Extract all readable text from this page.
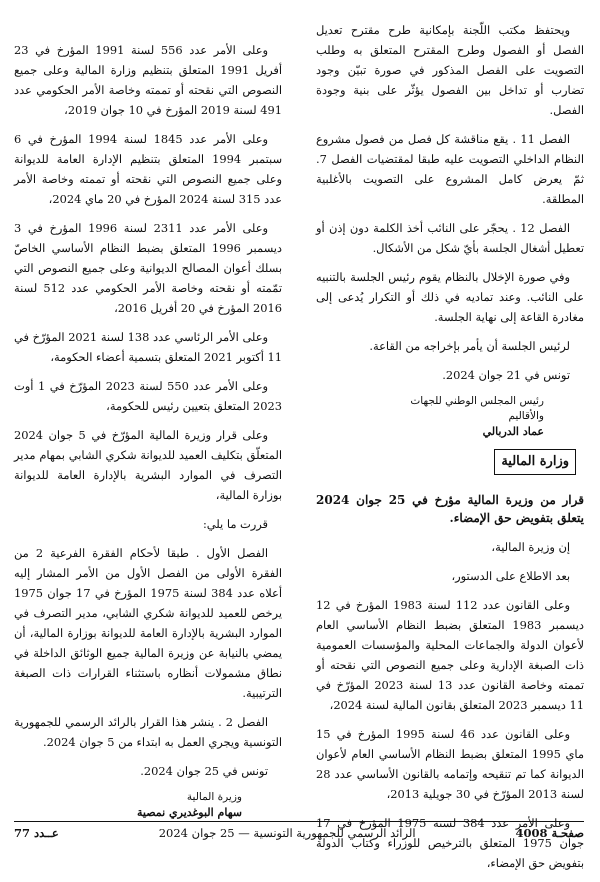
ويحتفظ مكتب اللّجنة بإمكانية طرح مقترح تعديل الفصل أو الفصول وطرح المقترح المتعلق به وطلب التصويت على الفصل المذكور في صورة تبيّن وجود تضارب أو تداخل بين الفصول يؤثّر على بنية وجودة الفصل.

الفصل 11 . يقع مناقشة كل فصل من فصول مشروع النظام الداخلي التصويت عليه طبقا لمقتضيات الفصل 7. ثمّ يعرض كامل المشروع على التصويت بالأغلبية المطلقة.

الفصل 12 . يحجّر على النائب أخذ الكلمة دون إذن أو تعطيل أشغال الجلسة بأيّ شكل من الأشكال.

وفي صورة الإخلال بالنظام يقوم رئيس الجلسة بالتنبيه على النائب. وعند تماديه في ذلك أو التكرار يُدعى إلى مغادرة القاعة إلى نهاية الجلسة.

لرئيس الجلسة أن يأمر بإخراجه من القاعة.

تونس في 21 جوان 2024.

رئيس المجلس الوطني للجهات
والأقاليم
عماد الدربالي
وزارة المالية
قرار من وزيرة المالية مؤرخ في 25 جوان 2024 يتعلق بتفويض حق الإمضاء.

إن وزيرة المالية،

بعد الاطلاع على الدستور،

وعلى القانون عدد 112 لسنة 1983 المؤرخ في 12 ديسمبر 1983 المتعلق بضبط النظام الأساسي العام لأعوان الدولة والجماعات المحلية والمؤسسات العمومية ذات الصبغة الإدارية وعلى جميع النصوص التي نقحته أو تممته وخاصة القانون عدد 13 لسنة 2023 المؤرّخ في 11 ديسمبر 2023 المتعلق بقانون المالية لسنة 2024،

وعلى القانون عدد 46 لسنة 1995 المؤرخ في 15 ماي 1995 المتعلق بضبط النظام الأساسي العام لأعوان الديوانة كما تم تنقيحه وإتمامه بالقانون الأساسي عدد 28 لسنة 2013 المؤرّخ في 30 جويلية 2013،

وعلى الأمر عدد 384 لسنة 1975 المؤرخ في 17 جوان 1975 المتعلق بالترخيص للوزراء وكتاب الدولة بتفويض حق الإمضاء،

وعلى الأمر عدد 556 لسنة 1991 المؤرخ في 23 أفريل 1991 المتعلق بتنظيم وزارة المالية وعلى جميع النصوص التي نقحته أو تممته وخاصة الأمر الحكومي عدد 491 لسنة 2019 المؤرخ في 10 جوان 2019،

وعلى الأمر عدد 1845 لسنة 1994 المؤرخ في 6 سبتمبر 1994 المتعلق بتنظيم الإدارة العامة للديوانة وعلى جميع النصوص التي نقحته أو تممته وخاصة الأمر عدد 315 لسنة 2024 المؤرخ في 20 ماي 2024،

وعلى الأمر عدد 2311 لسنة 1996 المؤرخ في 3 ديسمبر 1996 المتعلق بضبط النظام الأساسي الخاصّ بسلك أعوان المصالح الديوانية وعلى جميع النصوص التي تمّمته أو نقحته وخاصة الأمر الحكومي عدد 512 لسنة 2016 المؤرخ في 20 أفريل 2016،

وعلى الأمر الرئاسي عدد 138 لسنة 2021 المؤرّخ في 11 أكتوبر 2021 المتعلق بتسمية أعضاء الحكومة،

وعلى الأمر عدد 550 لسنة 2023 المؤرّخ في 1 أوت 2023 المتعلق بتعيين رئيس للحكومة،

وعلى قرار وزيرة المالية المؤرّخ في 5 جوان 2024 المتعلّق بتكليف العميد للديوانة شكري الشابي بمهام مدير التصرف في الموارد البشرية بالإدارة العامة للديوانة بوزارة المالية،

قررت ما يلي:

الفصل الأول . طبقا لأحكام الفقرة الفرعية 2 من الفقرة الأولى من الفصل الأول من الأمر المشار إليه أعلاه عدد 384 لسنة 1975 المؤرخ في 17 جوان 1975 يرخص للعميد للديوانة شكري الشابي، مدير التصرف في الموارد البشرية بالإدارة العامة للديوانة بوزارة المالية، أن يمضي بالنيابة عن وزيرة المالية جميع الوثائق الداخلة في نطاق مشمولات أنظاره باستثناء القرارات ذات الصبغة الترتيبية.

الفصل 2 . ينشر هذا القرار بالرائد الرسمي للجمهورية التونسية ويجري العمل به ابتداء من 5 جوان 2024.

تونس في 25 جوان 2024.

وزيرة المالية
سهام البوغديري نمصية
صفحـة 4008
الرائد الرسمي للجمهورية التونسية — 25 جوان 2024
عــدد 77
